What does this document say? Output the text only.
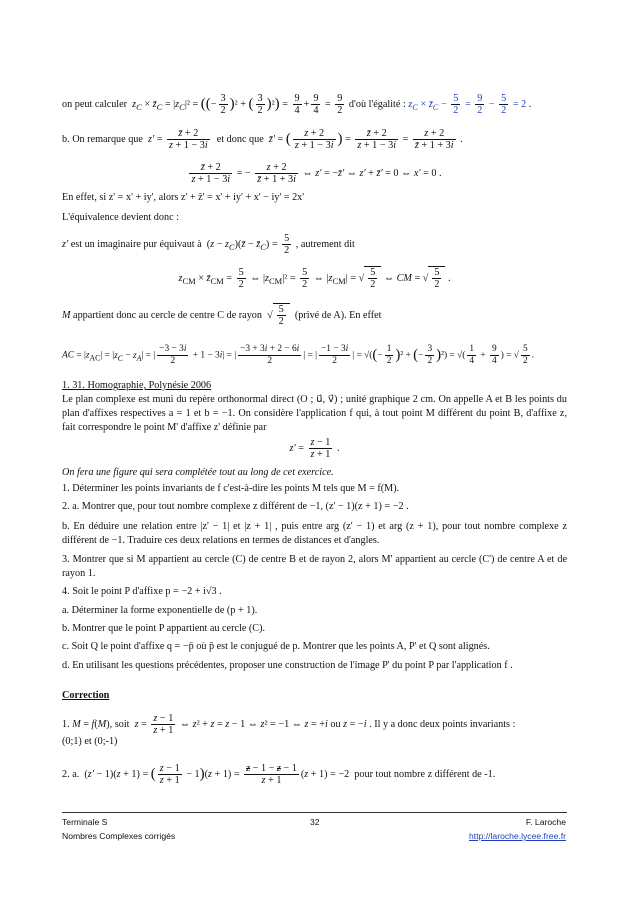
on peut calculer  $z_C$ × $z̄_C = |z_C|^2$ = ((− $\frac{3}{2} )^2$ + ( $\frac{3}{2} )^2) = \frac{9}{4} + \frac{9}{4} = \frac{9}{2}$ d'où l'égalité : $z_C$ × $z̄_C - \frac{5}{2} = \frac{9}{2} - \frac{5}{2} = 2$ .
b. On remarque que  $z' = \frac{z̄ + 2}{z + 1 - 3i}$ et donc que  z̄' = ( $\frac{z + 2}{z + 1 - 3i}$ ) = $\frac{z̄ + 2}{z + 1 - 3i} = \frac{z + 2}{z̄ + 1 + 3i}$ .
$\frac{z̄ + 2}{z + 1 - 3i}$ = − $\frac{z + 2}{z̄ + 1 + 3i}$ ⇔ z' = −z̄' ⇔ z' + z̄' = 0 ⇔ x' = 0 .
En effet, si z' = x' + iy', alors z' + z̄' = x' + iy' + x' − iy' = 2x'
L'équivalence devient donc :
z' est un imaginaire pur équivaut à  $(z - z_C)(z̄$ − $z̄_C) = \frac{5}{2}$ , autrement dit
$z_{CM}$ × $z̄_{CM} = \frac{5}{2}$ ⇔ $|z_{CM}|^2 = \frac{5}{2}$ ⇔ $|z_{CM}|$ = √ $\frac{5}{2}$ ⇔ CM = √ $\frac{5}{2}$ .
M appartient donc au cercle de centre C de rayon  √ $\frac{5}{2}$ (privé de A). En effet
AC = $|z_{AC}| = |z_C - z_A|$ = | $\frac{-3 - 3i}{2} + 1 - 3i|$ = | $\frac{-3 + 3i + 2 - 6i}{2}$ | = | $\frac{-1 - 3i}{2}$ | = √((− $\frac{1}{2} )^2$ + (− $\frac{3}{2} )^2$) = √( $\frac{1}{4} + \frac{9}{4}$ ) = √ $\frac{5}{2}$ .
1. 31. Homographie, Polynésie 2006
Le plan complexe est muni du repère orthonormal direct (O ; u⃗, v⃗) ; unité graphique 2 cm. On appelle A et B les points du plan d'affixes respectives a = 1 et b = −1. On considère l'application f qui, à tout point M différent du point B, d'affixe z, fait correspondre le point M' d'affixe z' définie par
$z' = \frac{z - 1}{z + 1}$ .
On fera une figure qui sera complétée tout au long de cet exercice.
1. Déterminer les points invariants de f c'est-à-dire les points M tels que M = f(M).
2. a. Montrer que, pour tout nombre complexe z différent de −1, (z' − 1)(z + 1) = −2 .
b. En déduire une relation entre |z' − 1| et |z + 1| , puis entre arg (z' − 1) et arg (z + 1), pour tout nombre complexe z différent de −1. Traduire ces deux relations en termes de distances et d'angles.
3. Montrer que si M appartient au cercle (C) de centre B et de rayon 2, alors M' appartient au cercle (C') de centre A et de rayon 1.
4. Soit le point P d'affixe p = −2 + i√3 .
a. Déterminer la forme exponentielle de (p + 1).
b. Montrer que le point P appartient au cercle (C).
c. Soit Q le point d'affixe q = −p̄ où p̄ est le conjugué de p. Montrer que les points A, P' et Q sont alignés.
d. En utilisant les questions précédentes, proposer une construction de l'image P' du point P par l'application f .
Correction
1. M = f(M), soit  $z = \frac{z - 1}{z + 1}$ ⇔ z² + z = z − 1 ⇔ z² = −1 ⇔ z = +i ou z = −i . Il y a donc deux points invariants :
(0;1) et (0;-1)
2. a.  (z' − 1)(z + 1) = ( $\frac{z - 1}{z + 1} - 1)(z + 1) = \frac{z - 1 - z - 1}{z + 1} (z + 1) = -2$  pour tout nombre z différent de -1.
Terminale S
Nombres Complexes corrigés
32	F. Laroche
http://laroche.lycee.free.fr
